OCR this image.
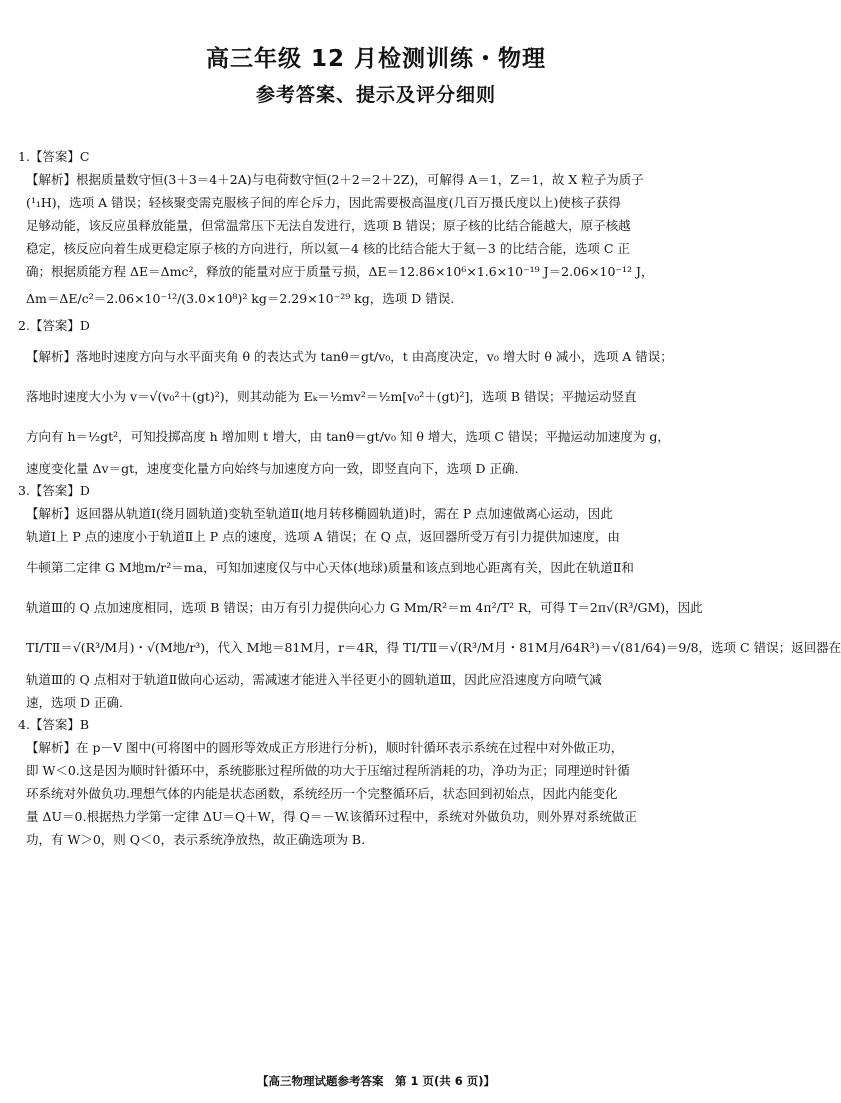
高三年级 12 月检测训练・物理
参考答案、提示及评分细则
1.【答案】C
【解析】根据质量数守恒(3＋3＝4＋2A)与电荷数守恒(2＋2＝2＋2Z)，可解得 A＝1，Z＝1，故 X 粒子为质子
(¹₁H)，选项 A 错误；轻核聚变需克服核子间的库仑斥力，因此需要极高温度(几百万摄氏度以上)使核子获得
足够动能，该反应虽释放能量，但常温常压下无法自发进行，选项 B 错误；原子核的比结合能越大，原子核越
稳定，核反应向着生成更稳定原子核的方向进行，所以氦－4 核的比结合能大于氦－3 的比结合能，选项 C 正
确；根据质能方程 ΔE＝Δmc²，释放的能量对应于质量亏损，ΔE＝12.86×10⁶×1.6×10⁻¹⁹ J＝2.06×10⁻¹² J，
Δm＝ΔE/c²＝2.06×10⁻¹²/(3.0×10⁸)² kg＝2.29×10⁻²⁹ kg，选项 D 错误.
2.【答案】D
【解析】落地时速度方向与水平面夹角 θ 的表达式为 tanθ＝gt/v₀，t 由高度决定，v₀ 增大时 θ 减小，选项 A 错误；
落地时速度大小为 v＝√(v₀²＋(gt)²)，则其动能为 Eₖ＝½mv²＝½m[v₀²＋(gt)²]，选项 B 错误；平抛运动竖直
方向有 h＝½gt²，可知投掷高度 h 增加则 t 增大，由 tanθ＝gt/v₀ 知 θ 增大，选项 C 错误；平抛运动加速度为 g，
速度变化量 Δv＝gt，速度变化量方向始终与加速度方向一致，即竖直向下，选项 D 正确.
3.【答案】D
【解析】返回器从轨道Ⅰ(绕月圆轨道)变轨至轨道Ⅱ(地月转移椭圆轨道)时，需在 P 点加速做离心运动，因此
轨道Ⅰ上 P 点的速度小于轨道Ⅱ上 P 点的速度，选项 A 错误；在 Q 点，返回器所受万有引力提供加速度，由
牛顿第二定律 G M地m/r²＝ma，可知加速度仅与中心天体(地球)质量和该点到地心距离有关，因此在轨道Ⅱ和
轨道Ⅲ的 Q 点加速度相同，选项 B 错误；由万有引力提供向心力 G Mm/R²＝m 4π²/T² R，可得 T＝2π√(R³/GM)，因此
TⅠ/TⅡ＝√(R³/M月)・√(M地/r³)，代入 M地＝81M月，r＝4R，得 TⅠ/TⅡ＝√(R³/M月・81M月/64R³)＝√(81/64)＝9/8，选项 C 错误；返回器在
轨道Ⅲ的 Q 点相对于轨道Ⅱ做向心运动，需减速才能进入半径更小的圆轨道Ⅲ，因此应沿速度方向喷气减
速，选项 D 正确.
4.【答案】B
【解析】在 p－V 图中(可将图中的圆形等效成正方形进行分析)，顺时针循环表示系统在过程中对外做正功，
即 W＜0.这是因为顺时针循环中，系统膨胀过程所做的功大于压缩过程所消耗的功，净功为正；同理逆时针循
环系统对外做负功.理想气体的内能是状态函数，系统经历一个完整循环后，状态回到初始点，因此内能变化
量 ΔU＝0.根据热力学第一定律 ΔU＝Q＋W，得 Q＝－W.该循环过程中，系统对外做负功，则外界对系统做正
功，有 W＞0，则 Q＜0，表示系统净放热，故正确选项为 B.
【高三物理试题参考答案　第 1 页(共 6 页)】
